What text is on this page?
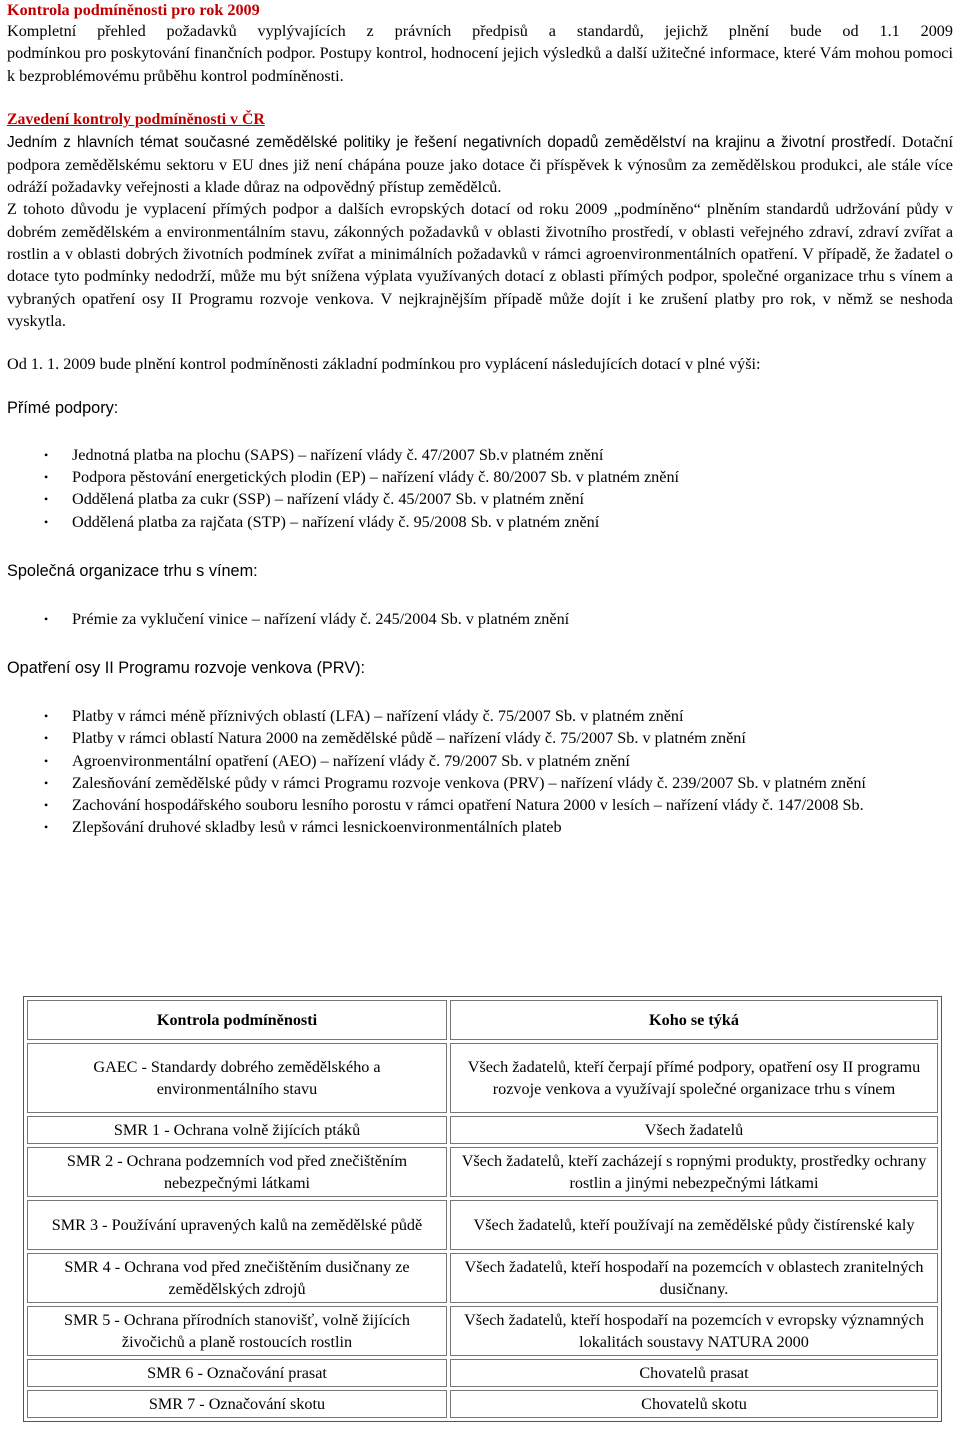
Kontrola podmíněnosti pro rok 2009

Kompletní přehled požadavků vyplývajících z právních předpisů a standardů, jejichž plnění bude od 1.1 2009
podmínkou pro poskytování finančních podpor. Postupy kontrol, hodnocení jejich výsledků a další užitečné informace, které Vám mohou pomoci k bezproblémovému průběhu kontrol podmíněnosti.

Zavedení kontroly podmíněnosti v ČR

Jedním z hlavních témat současné zemědělské politiky je řešení negativních dopadů zemědělství na krajinu a životní prostředí. Dotační podpora zemědělskému sektoru v EU dnes již není chápána pouze jako dotace či příspěvek k výnosům za zemědělskou produkci, ale stále více odráží požadavky veřejnosti a klade důraz na odpovědný přístup zemědělců.

Z tohoto důvodu je vyplacení přímých podpor a dalších evropských dotací od roku 2009 „podmíněno“ plněním standardů udržování půdy v dobrém zemědělském a environmentálním stavu, zákonných požadavků v oblasti životního prostředí, v oblasti veřejného zdraví, zdraví zvířat a rostlin a v oblasti dobrých životních podmínek zvířat a minimálních požadavků v rámci agroenvironmentálních opatření. V případě, že žadatel o dotace tyto podmínky nedodrží, může mu být snížena výplata využívaných dotací z oblasti přímých podpor, společné organizace trhu s vínem a vybraných opatření osy II Programu rozvoje venkova. V nejkrajnějším případě může dojít i ke zrušení platby pro rok, v němž se neshoda vyskytla.

Od 1. 1. 2009 bude plnění kontrol podmíněnosti základní podmínkou pro vyplácení následujících dotací v plné výši:

Přímé podpory:

• Jednotná platba na plochu (SAPS) – nařízení vlády č. 47/2007 Sb.v platném znění
• Podpora pěstování energetických plodin (EP) – nařízení vlády č. 80/2007 Sb. v platném znění
• Oddělená platba za cukr (SSP) – nařízení vlády č. 45/2007 Sb. v platném znění
• Oddělená platba za rajčata (STP) – nařízení vlády č. 95/2008 Sb. v platném znění

Společná organizace trhu s vínem:

• Prémie za vyklučení vinice – nařízení vlády č. 245/2004 Sb. v platném znění

Opatření osy II Programu rozvoje venkova (PRV):

• Platby v rámci méně příznivých oblastí (LFA) – nařízení vlády č. 75/2007 Sb. v platném znění
• Platby v rámci oblastí Natura 2000 na zemědělské půdě – nařízení vlády č. 75/2007 Sb. v platném znění
• Agroenvironmentální opatření (AEO) – nařízení vlády č. 79/2007 Sb. v platném znění
• Zalesňování zemědělské půdy v rámci Programu rozvoje venkova (PRV) – nařízení vlády č. 239/2007 Sb. v platném znění
• Zachování hospodářského souboru lesního porostu v rámci opatření Natura 2000 v lesích – nařízení vlády č. 147/2008 Sb.
• Zlepšování druhové skladby lesů v rámci lesnickoenvironmentálních plateb
Kontrola podmíněnosti	Koho se týká
GAEC - Standardy dobrého zemědělského a environmentálního stavu	Všech žadatelů, kteří čerpají přímé podpory, opatření osy II programu rozvoje venkova a využívají společné organizace trhu s vínem
SMR 1 - Ochrana volně žijících ptáků	Všech žadatelů
SMR 2 - Ochrana podzemních vod před znečištěním nebezpečnými látkami	Všech žadatelů, kteří zacházejí s ropnými produkty, prostředky ochrany rostlin a jinými nebezpečnými látkami
SMR 3 - Používání upravených kalů na zemědělské půdě	Všech žadatelů, kteří používají na zemědělské půdy čistírenské kaly
SMR 4 - Ochrana vod před znečištěním dusičnany ze zemědělských zdrojů	Všech žadatelů, kteří hospodaří na pozemcích v oblastech zranitelných dusičnany.
SMR 5 - Ochrana přírodních stanovišť, volně žijících živočichů a planě rostoucích rostlin	Všech žadatelů, kteří hospodaří na pozemcích v evropsky významných lokalitách soustavy NATURA 2000
SMR 6 - Označování prasat	Chovatelů prasat
SMR 7 - Označování skotu	Chovatelů skotu
